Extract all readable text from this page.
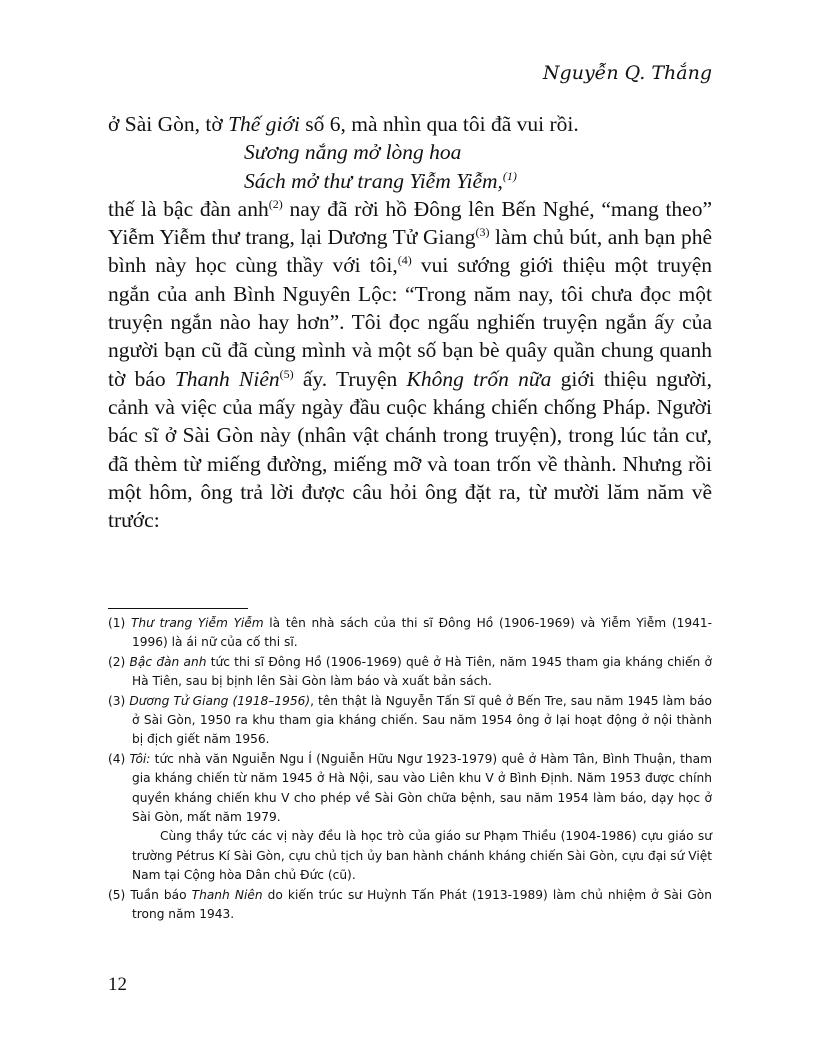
Nguyễn Q. Thắng

ở Sài Gòn, tờ Thế giới số 6, mà nhìn qua tôi đã vui rồi.

Sương nắng mở lòng hoa

Sách mở thư trang Yiễm Yiễm,$^{(1)}$

thế là bậc đàn anh$^{(2)}$ nay đã rời hồ Đông lên Bến Nghé, “mang theo” Yiễm Yiễm thư trang, lại Dương Tử Giang$^{(3)}$ làm chủ bút, anh bạn phê bình này học cùng thầy với tôi,$^{(4)}$ vui sướng giới thiệu một truyện ngắn của anh Bình Nguyên Lộc: “Trong năm nay, tôi chưa đọc một truyện ngắn nào hay hơn”. Tôi đọc ngấu nghiến truyện ngắn ấy của người bạn cũ đã cùng mình và một số bạn bè quây quần chung quanh tờ báo Thanh Niên$^{(5)}$ ấy. Truyện Không trốn nữa giới thiệu người, cảnh và việc của mấy ngày đầu cuộc kháng chiến chống Pháp. Người bác sĩ ở Sài Gòn này (nhân vật chánh trong truyện), trong lúc tản cư, đã thèm từ miếng đường, miếng mỡ và toan trốn về thành. Nhưng rồi một hôm, ông trả lời được câu hỏi ông đặt ra, từ mười lăm năm về trước:

(1) Thư trang Yiễm Yiễm là tên nhà sách của thi sĩ Đông Hồ (1906-1969) và Yiễm Yiễm (1941-1996) là ái nữ của cố thi sĩ.

(2) Bậc đàn anh tức thi sĩ Đông Hồ (1906-1969) quê ở Hà Tiên, năm 1945 tham gia kháng chiến ở Hà Tiên, sau bị bịnh lên Sài Gòn làm báo và xuất bản sách.

(3) Dương Tử Giang (1918–1956), tên thật là Nguyễn Tấn Sĩ quê ở Bến Tre, sau năm 1945 làm báo ở Sài Gòn, 1950 ra khu tham gia kháng chiến. Sau năm 1954 ông ở lại hoạt động ở nội thành bị địch giết năm 1956.

(4) Tôi: tức nhà văn Nguiễn Ngu Í (Nguiễn Hữu Ngư 1923-1979) quê ở Hàm Tân, Bình Thuận, tham gia kháng chiến từ năm 1945 ở Hà Nội, sau vào Liên khu V ở Bình Định. Năm 1953 được chính quyền kháng chiến khu V cho phép về Sài Gòn chữa bệnh, sau năm 1954 làm báo, dạy học ở Sài Gòn, mất năm 1979.

Cùng thầy tức các vị này đều là học trò của giáo sư Phạm Thiều (1904-1986) cựu giáo sư trường Pétrus Kí Sài Gòn, cựu chủ tịch ủy ban hành chánh kháng chiến Sài Gòn, cựu đại sứ Việt Nam tại Cộng hòa Dân chủ Đức (cũ).

(5) Tuần báo Thanh Niên do kiến trúc sư Huỳnh Tấn Phát (1913-1989) làm chủ nhiệm ở Sài Gòn trong năm 1943.

12
